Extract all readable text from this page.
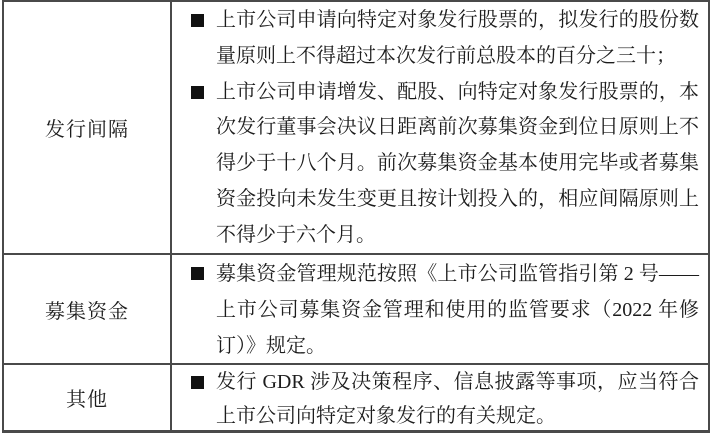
发行间隔
上市公司申请向特定对象发行股票的，拟发行的股份数量原则上不得超过本次发行前总股本的百分之三十；
上市公司申请增发、配股、向特定对象发行股票的，本次发行董事会决议日距离前次募集资金到位日原则上不得少于十八个月。前次募集资金基本使用完毕或者募集资金投向未发生变更且按计划投入的，相应间隔原则上不得少于六个月。
募集资金
募集资金管理规范按照《上市公司监管指引第 2 号——上市公司募集资金管理和使用的监管要求（2022 年修订）》规定。
其他
发行 GDR 涉及决策程序、信息披露等事项，应当符合上市公司向特定对象发行的有关规定。
